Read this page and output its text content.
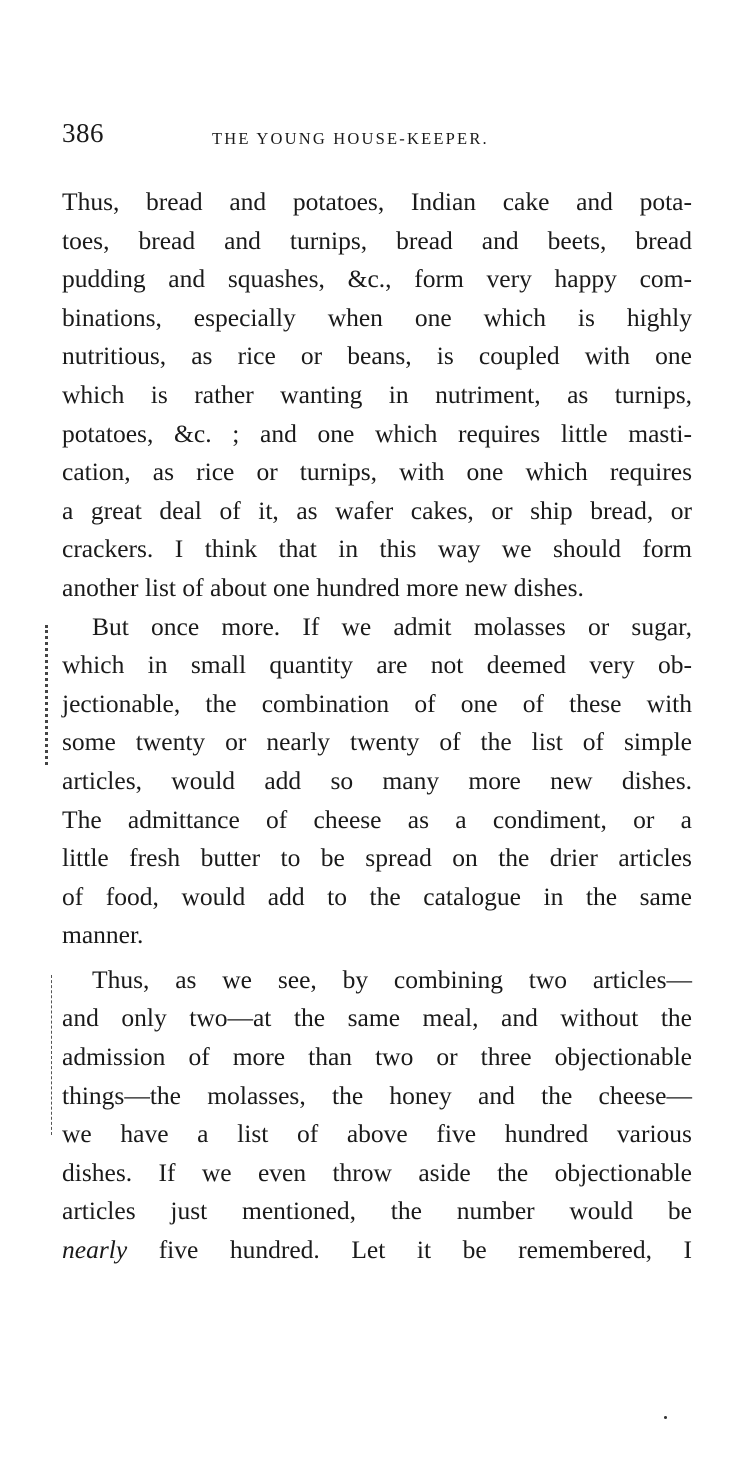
386	THE YOUNG HOUSE-KEEPER.
Thus, bread and potatoes, Indian cake and pota-
toes, bread and turnips, bread and beets, bread
pudding and squashes, &c., form very happy com-
binations, especially when one which is highly
nutritious, as rice or beans, is coupled with one
which is rather wanting in nutriment, as turnips,
potatoes, &c. ; and one which requires little masti-
cation, as rice or turnips, with one which requires
a great deal of it, as wafer cakes, or ship bread, or
crackers. I think that in this way we should form
another list of about one hundred more new dishes.
But once more. If we admit molasses or sugar,
which in small quantity are not deemed very ob-
jectionable, the combination of one of these with
some twenty or nearly twenty of the list of simple
articles, would add so many more new dishes.
The admittance of cheese as a condiment, or a
little fresh butter to be spread on the drier articles
of food, would add to the catalogue in the same
manner.
Thus, as we see, by combining two articles—
and only two—at the same meal, and without the
admission of more than two or three objectionable
things—the molasses, the honey and the cheese—
we have a list of above five hundred various
dishes. If we even throw aside the objectionable
articles just mentioned, the number would be
nearly five hundred. Let it be remembered, I
